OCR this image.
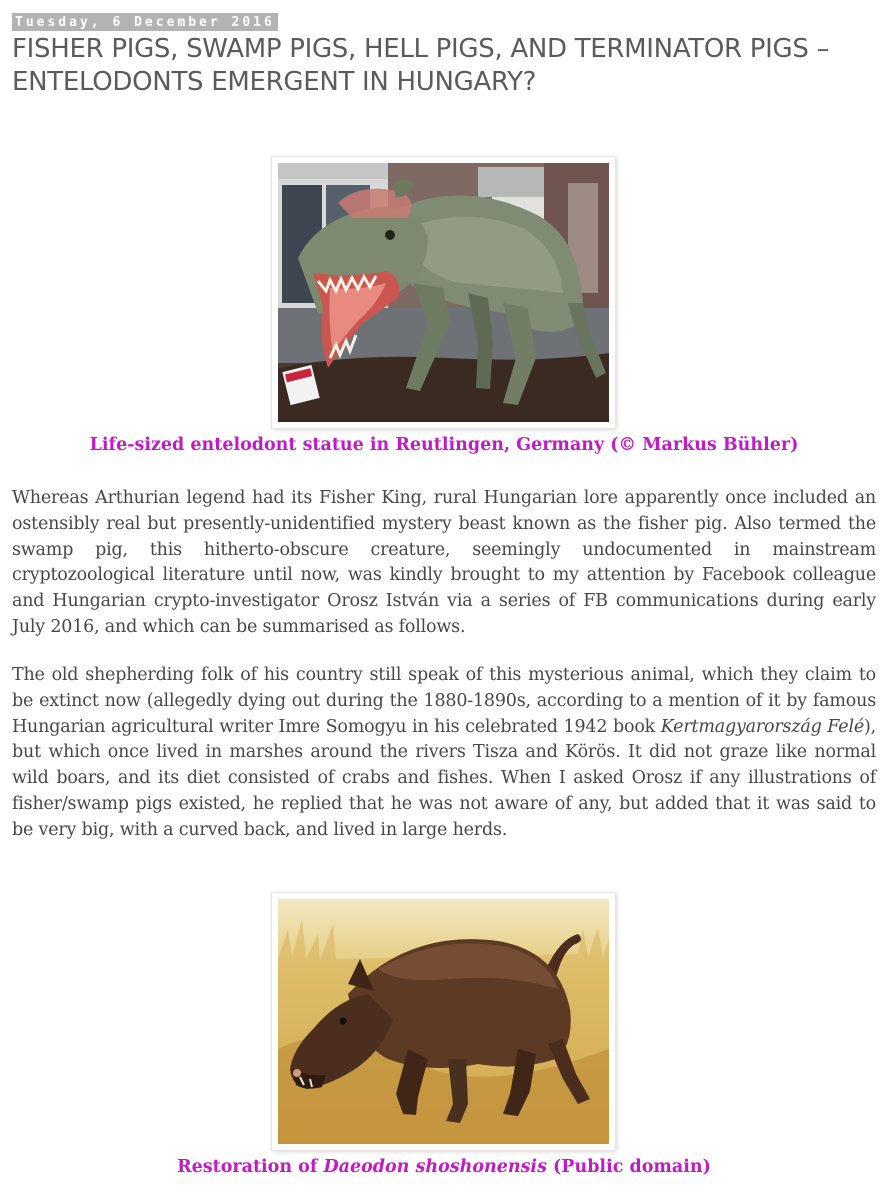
Tuesday, 6 December 2016
FISHER PIGS, SWAMP PIGS, HELL PIGS, AND TERMINATOR PIGS – ENTELODONTS EMERGENT IN HUNGARY?

Life-sized entelodont statue in Reutlingen, Germany (© Markus Bühler)

Whereas Arthurian legend had its Fisher King, rural Hungarian lore apparently once included an ostensibly real but presently-unidentified mystery beast known as the fisher pig. Also termed the swamp pig, this hitherto-obscure creature, seemingly undocumented in mainstream cryptozoological literature until now, was kindly brought to my attention by Facebook colleague and Hungarian crypto-investigator Orosz István via a series of FB communications during early July 2016, and which can be summarised as follows.

The old shepherding folk of his country still speak of this mysterious animal, which they claim to be extinct now (allegedly dying out during the 1880-1890s, according to a mention of it by famous Hungarian agricultural writer Imre Somogyu in his celebrated 1942 book Kertmagyarország Felé), but which once lived in marshes around the rivers Tisza and Körös. It did not graze like normal wild boars, and its diet consisted of crabs and fishes. When I asked Orosz if any illustrations of fisher/swamp pigs existed, he replied that he was not aware of any, but added that it was said to be very big, with a curved back, and lived in large herds.

Restoration of Daeodon shoshonensis (Public domain)
